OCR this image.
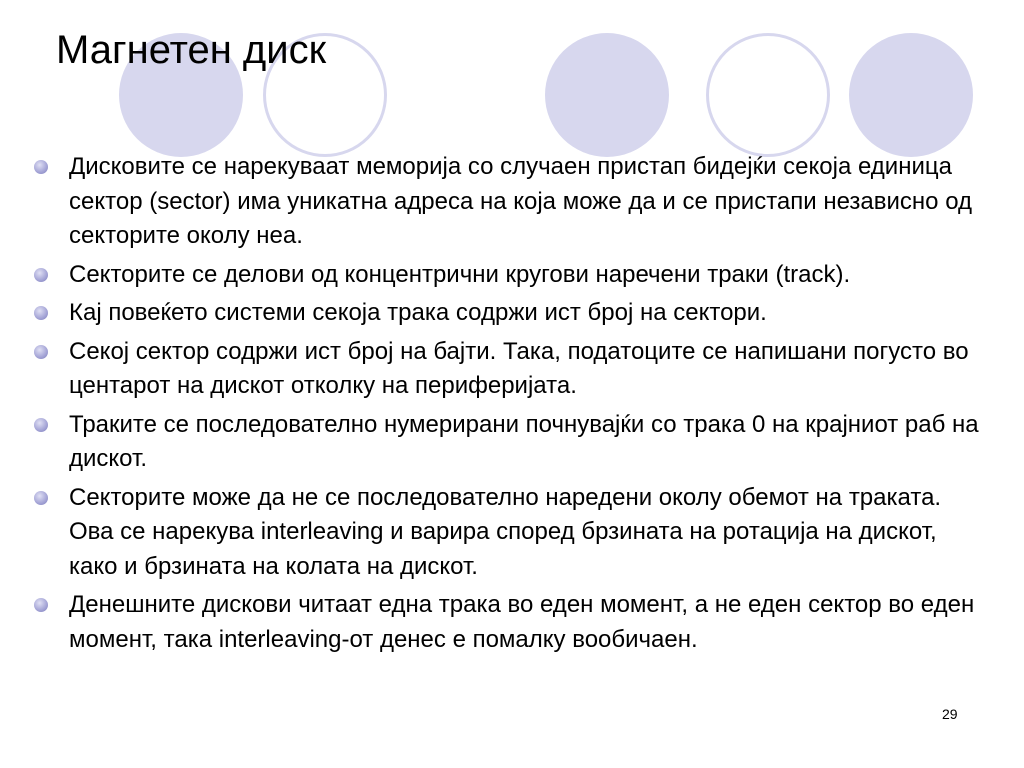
Магнетен диск
Дисковите се нарекуваат меморија со случаен пристап бидејќи секоја единица сектор (sector) има уникатна адреса на која може да и се пристапи независно од секторите околу неа.
Секторите се делови од концентрични кругови наречени траки (track).
Кај повеќето системи секоја трака содржи ист број на сектори.
Секој сектор содржи ист број на бајти. Така, податоците се напишани погусто во центарот на дискот отколку на периферијата.
Траките се последователно нумерирани почнувајќи со трака 0 на крајниот раб на дискот.
Секторите може да не се последователно наредени околу обемот на траката. Ова се нарекува interleaving и варира според брзината на ротација на дискот, како и брзината на колата на дискот.
Денешните дискови читаат една трака во еден момент, а не еден сектор во еден момент, така interleaving-от денес е помалку вообичаен.
29
